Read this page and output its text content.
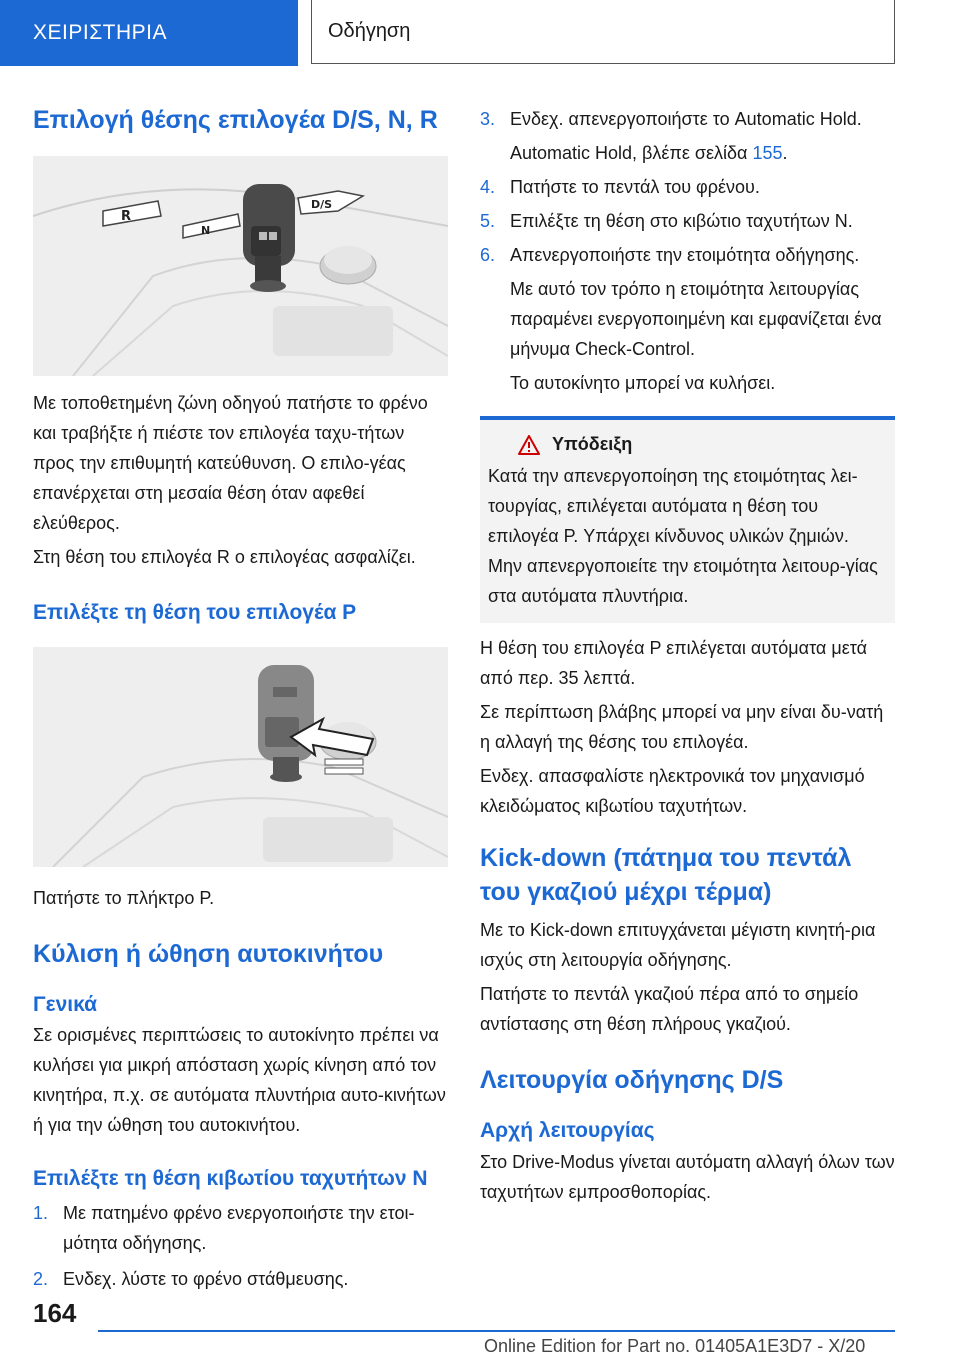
ΧΕΙΡΙΣΤΗΡΙΑ	Οδήγηση
Επιλογή θέσης επιλογέα D/S, N, R
R
N
D/S

Με τοποθετημένη ζώνη οδηγού πατήστε το φρένο και τραβήξτε ή πιέστε τον επιλογέα ταχυ-τήτων προς την επιθυμητή κατεύθυνση. Ο επιλο-γέας επανέρχεται στη μεσαία θέση όταν αφεθεί ελεύθερος.

Στη θέση του επιλογέα R ο επιλογέας ασφαλίζει.

Επιλέξτε τη θέση του επιλογέα P

Πατήστε το πλήκτρο P.

Κύλιση ή ώθηση αυτοκινήτου
Γενικά

Σε ορισμένες περιπτώσεις το αυτοκίνητο πρέπει να κυλήσει για μικρή απόσταση χωρίς κίνηση από τον κινητήρα, π.χ. σε αυτόματα πλυντήρια αυτο-κινήτων ή για την ώθηση του αυτοκινήτου.

Επιλέξτε τη θέση κιβωτίου ταχυτήτων N
1. Με πατημένο φρένο ενεργοποιήστε την ετοι-μότητα οδήγησης.
2. Ενδεχ. λύστε το φρένο στάθμευσης.
3. Ενδεχ. απενεργοποιήστε το Automatic Hold.
Automatic Hold, βλέπε σελίδα 155.
4. Πατήστε το πεντάλ του φρένου.
5. Επιλέξτε τη θέση στο κιβώτιο ταχυτήτων N.
6. Απενεργοποιήστε την ετοιμότητα οδήγησης.
Με αυτό τον τρόπο η ετοιμότητα λειτουργίας παραμένει ενεργοποιημένη και εμφανίζεται ένα μήνυμα Check-Control.
Το αυτοκίνητο μπορεί να κυλήσει.
Υπόδειξη

Κατά την απενεργοποίηση της ετοιμότητας λει-τουργίας, επιλέγεται αυτόματα η θέση του επιλογέα P. Υπάρχει κίνδυνος υλικών ζημιών. Μην απενεργοποιείτε την ετοιμότητα λειτουρ-γίας στα αυτόματα πλυντήρια.

Η θέση του επιλογέα P επιλέγεται αυτόματα μετά από περ. 35 λεπτά.

Σε περίπτωση βλάβης μπορεί να μην είναι δυ-νατή η αλλαγή της θέσης του επιλογέα.

Ενδεχ. απασφαλίστε ηλεκτρονικά τον μηχανισμό κλειδώματος κιβωτίου ταχυτήτων.

Kick-down (πάτημα του πεντάλ του γκαζιού μέχρι τέρμα)

Με το Kick-down επιτυγχάνεται μέγιστη κινητή-ρια ισχύς στη λειτουργία οδήγησης.

Πατήστε το πεντάλ γκαζιού πέρα από το σημείο αντίστασης στη θέση πλήρους γκαζιού.

Λειτουργία οδήγησης D/S
Αρχή λειτουργίας

Στο Drive-Modus γίνεται αυτόματη αλλαγή όλων των ταχυτήτων εμπροσθοπορίας.

164
Online Edition for Part no. 01405A1E3D7 - X/20
